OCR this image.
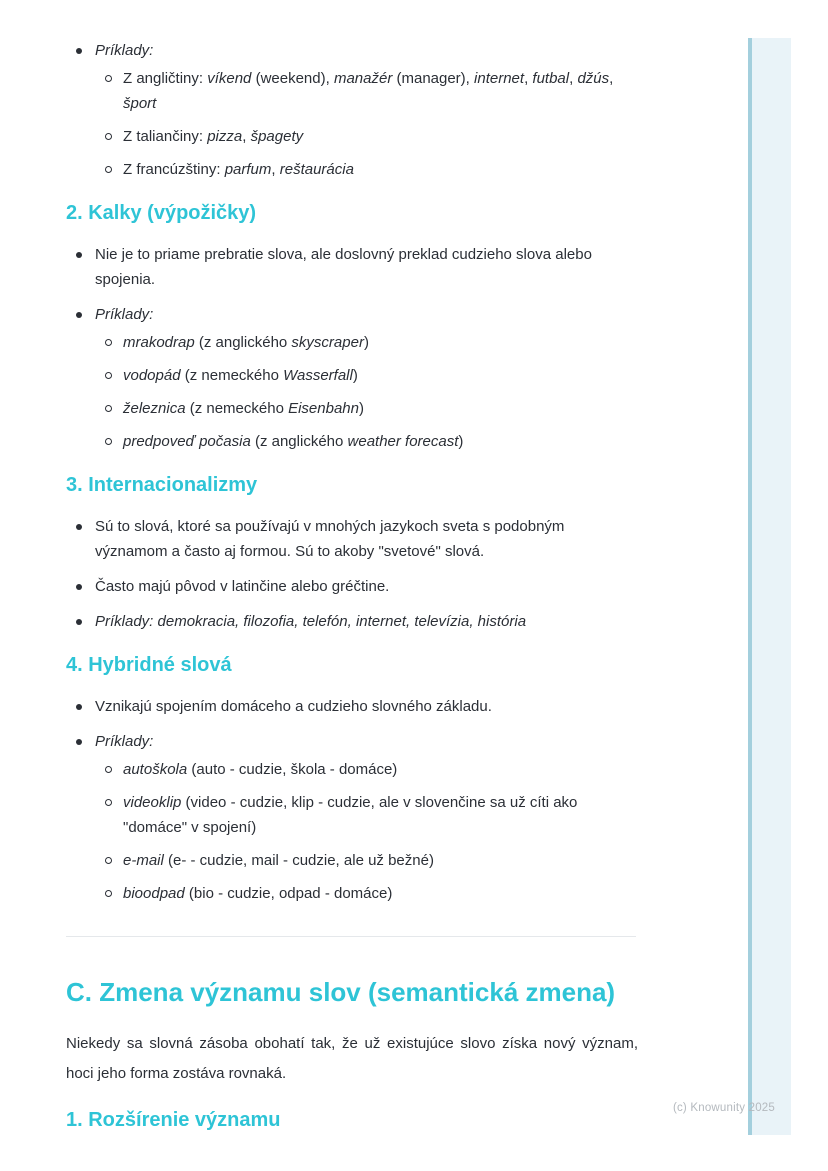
Príklady:
Z angličtiny: víkend (weekend), manažér (manager), internet, futbal, džús, šport
Z taliančiny: pizza, špagety
Z francúzštiny: parfum, reštaurácia
2. Kalky (výpožičky)
Nie je to priame prebratie slova, ale doslovný preklad cudzieho slova alebo spojenia.
Príklady:
mrakodrap (z anglického skyscraper)
vodopád (z nemeckého Wasserfall)
železnica (z nemeckého Eisenbahn)
predpoveď počasia (z anglického weather forecast)
3. Internacionalizmy
Sú to slová, ktoré sa používajú v mnohých jazykoch sveta s podobným významom a často aj formou. Sú to akoby "svetové" slová.
Často majú pôvod v latinčine alebo gréčtine.
Príklady: demokracia, filozofia, telefón, internet, televízia, história
4. Hybridné slová
Vznikajú spojením domáceho a cudzieho slovného základu.
Príklady:
autoškola (auto - cudzie, škola - domáce)
videoklip (video - cudzie, klip - cudzie, ale v slovenčine sa už cíti ako "domáce" v spojení)
e-mail (e- - cudzie, mail - cudzie, ale už bežné)
bioodpad (bio - cudzie, odpad - domáce)
C. Zmena významu slov (semantická zmena)

Niekedy sa slovná zásoba obohatí tak, že už existujúce slovo získa nový význam, hoci jeho forma zostáva rovnaká.

1. Rozšírenie významu
(c) Knowunity 2025
